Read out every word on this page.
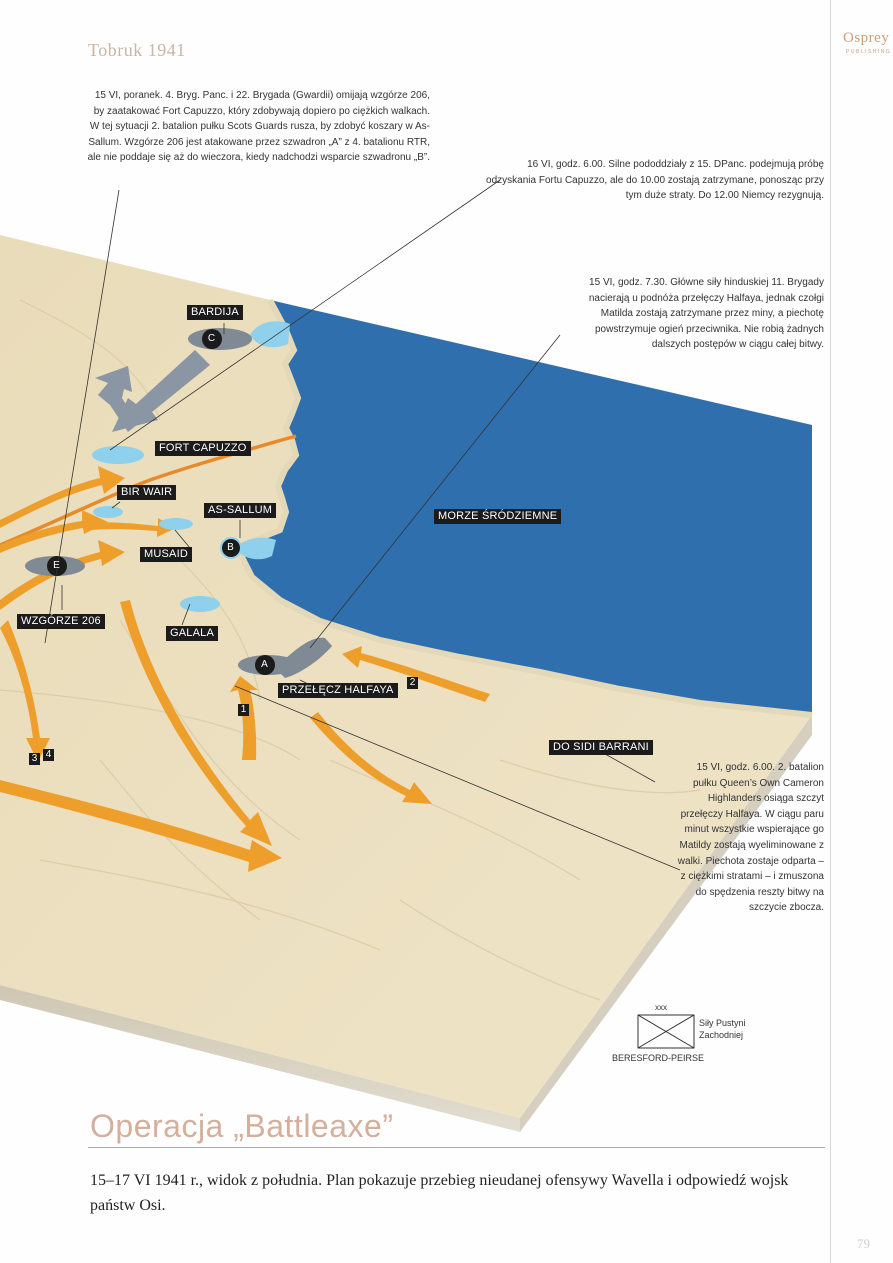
Tobruk 1941
Osprey
PUBLISHING
15 VI, poranek. 4. Bryg. Panc. i 22. Brygada (Gwardii) omijają wzgórze 206, by zaatakować Fort Capuzzo, który zdobywają dopiero po ciężkich walkach. W tej sytuacji 2. batalion pułku Scots Guards rusza, by zdobyć koszary w As-Sallum. Wzgórze 206 jest atakowane przez szwadron „A” z 4. batalionu RTR, ale nie poddaje się aż do wieczora, kiedy nadchodzi wsparcie szwadronu „B”.
16 VI, godz. 6.00. Silne pododdziały z 15. DPanc. podejmują próbę odzyskania Fortu Capuzzo, ale do 10.00 zostają zatrzymane, ponosząc przy tym duże straty. Do 12.00 Niemcy rezygnują.
15 VI, godz. 7.30. Główne siły hinduskiej 11. Brygady nacierają u podnóża przełęczy Halfaya, jednak czołgi Matilda zostają zatrzymane przez miny, a piechotę powstrzymuje ogień przeciwnika. Nie robią żadnych dalszych postępów w ciągu całej bitwy.
15 VI, godz. 6.00. 2. batalion pułku Queen’s Own Cameron Highlanders osiąga szczyt przełęczy Halfaya. W ciągu paru minut wszystkie wspierające go Matildy zostają wyeliminowane z walki. Piechota zostaje odparta – z ciężkimi stratami – i zmuszona do spędzenia reszty bitwy na szczycie zbocza.
BARDIJA
FORT CAPUZZO
BIR WAIR
AS-SALLUM
MUSAID
WZGÓRZE 206
GALALA
PRZEŁĘCZ HALFAYA
DO SIDI BARRANI
MORZE ŚRÓDZIEMNE
C
E
A
B
1
2
3 4
xxx
Siły Pustyni Zachodniej
BERESFORD-PEIRSE
Operacja „Battleaxe”
15–17 VI 1941 r., widok z południa. Plan pokazuje przebieg nieudanej ofensywy Wavella i odpowiedź wojsk państw Osi.
79
